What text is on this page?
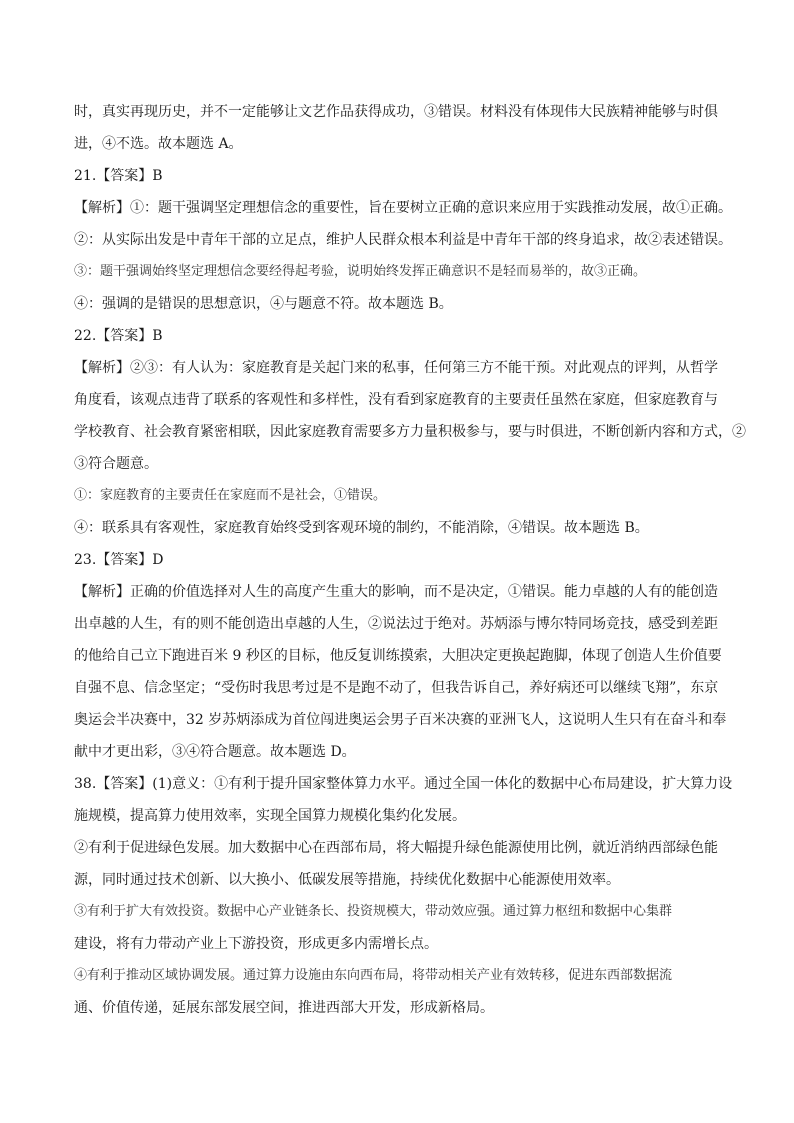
时，真实再现历史，并不一定能够让文艺作品获得成功，③错误。材料没有体现伟大民族精神能够与时俱
进，④不选。故本题选 A。
21.【答案】B
【解析】①：题干强调坚定理想信念的重要性，旨在要树立正确的意识来应用于实践推动发展，故①正确。
②：从实际出发是中青年干部的立足点，维护人民群众根本利益是中青年干部的终身追求，故②表述错误。
③：题干强调始终坚定理想信念要经得起考验，说明始终发挥正确意识不是轻而易举的，故③正确。
④：强调的是错误的思想意识，④与题意不符。故本题选 B。
22.【答案】B
【解析】②③：有人认为：家庭教育是关起门来的私事，任何第三方不能干预。对此观点的评判，从哲学
角度看，该观点违背了联系的客观性和多样性，没有看到家庭教育的主要责任虽然在家庭，但家庭教育与
学校教育、社会教育紧密相联，因此家庭教育需要多方力量积极参与，要与时俱进，不断创新内容和方式，②
③符合题意。
①：家庭教育的主要责任在家庭而不是社会，①错误。
④：联系具有客观性，家庭教育始终受到客观环境的制约，不能消除，④错误。故本题选 B。
23.【答案】D
【解析】正确的价值选择对人生的高度产生重大的影响，而不是决定，①错误。能力卓越的人有的能创造
出卓越的人生，有的则不能创造出卓越的人生，②说法过于绝对。苏炳添与博尔特同场竞技，感受到差距
的他给自己立下跑进百米 9 秒区的目标，他反复训练摸索，大胆决定更换起跑脚，体现了创造人生价值要
自强不息、信念坚定；“受伤时我思考过是不是跑不动了，但我告诉自己，养好病还可以继续飞翔”，东京
奥运会半决赛中，32 岁苏炳添成为首位闯进奥运会男子百米决赛的亚洲飞人，这说明人生只有在奋斗和奉
献中才更出彩，③④符合题意。故本题选 D。
38.【答案】(1)意义：①有利于提升国家整体算力水平。通过全国一体化的数据中心布局建设，扩大算力设
施规模，提高算力使用效率，实现全国算力规模化集约化发展。
②有利于促进绿色发展。加大数据中心在西部布局，将大幅提升绿色能源使用比例，就近消纳西部绿色能
源，同时通过技术创新、以大换小、低碳发展等措施，持续优化数据中心能源使用效率。
③有利于扩大有效投资。数据中心产业链条长、投资规模大，带动效应强。通过算力枢纽和数据中心集群
建设，将有力带动产业上下游投资，形成更多内需增长点。
④有利于推动区域协调发展。通过算力设施由东向西布局，将带动相关产业有效转移，促进东西部数据流
通、价值传递，延展东部发展空间，推进西部大开发，形成新格局。
